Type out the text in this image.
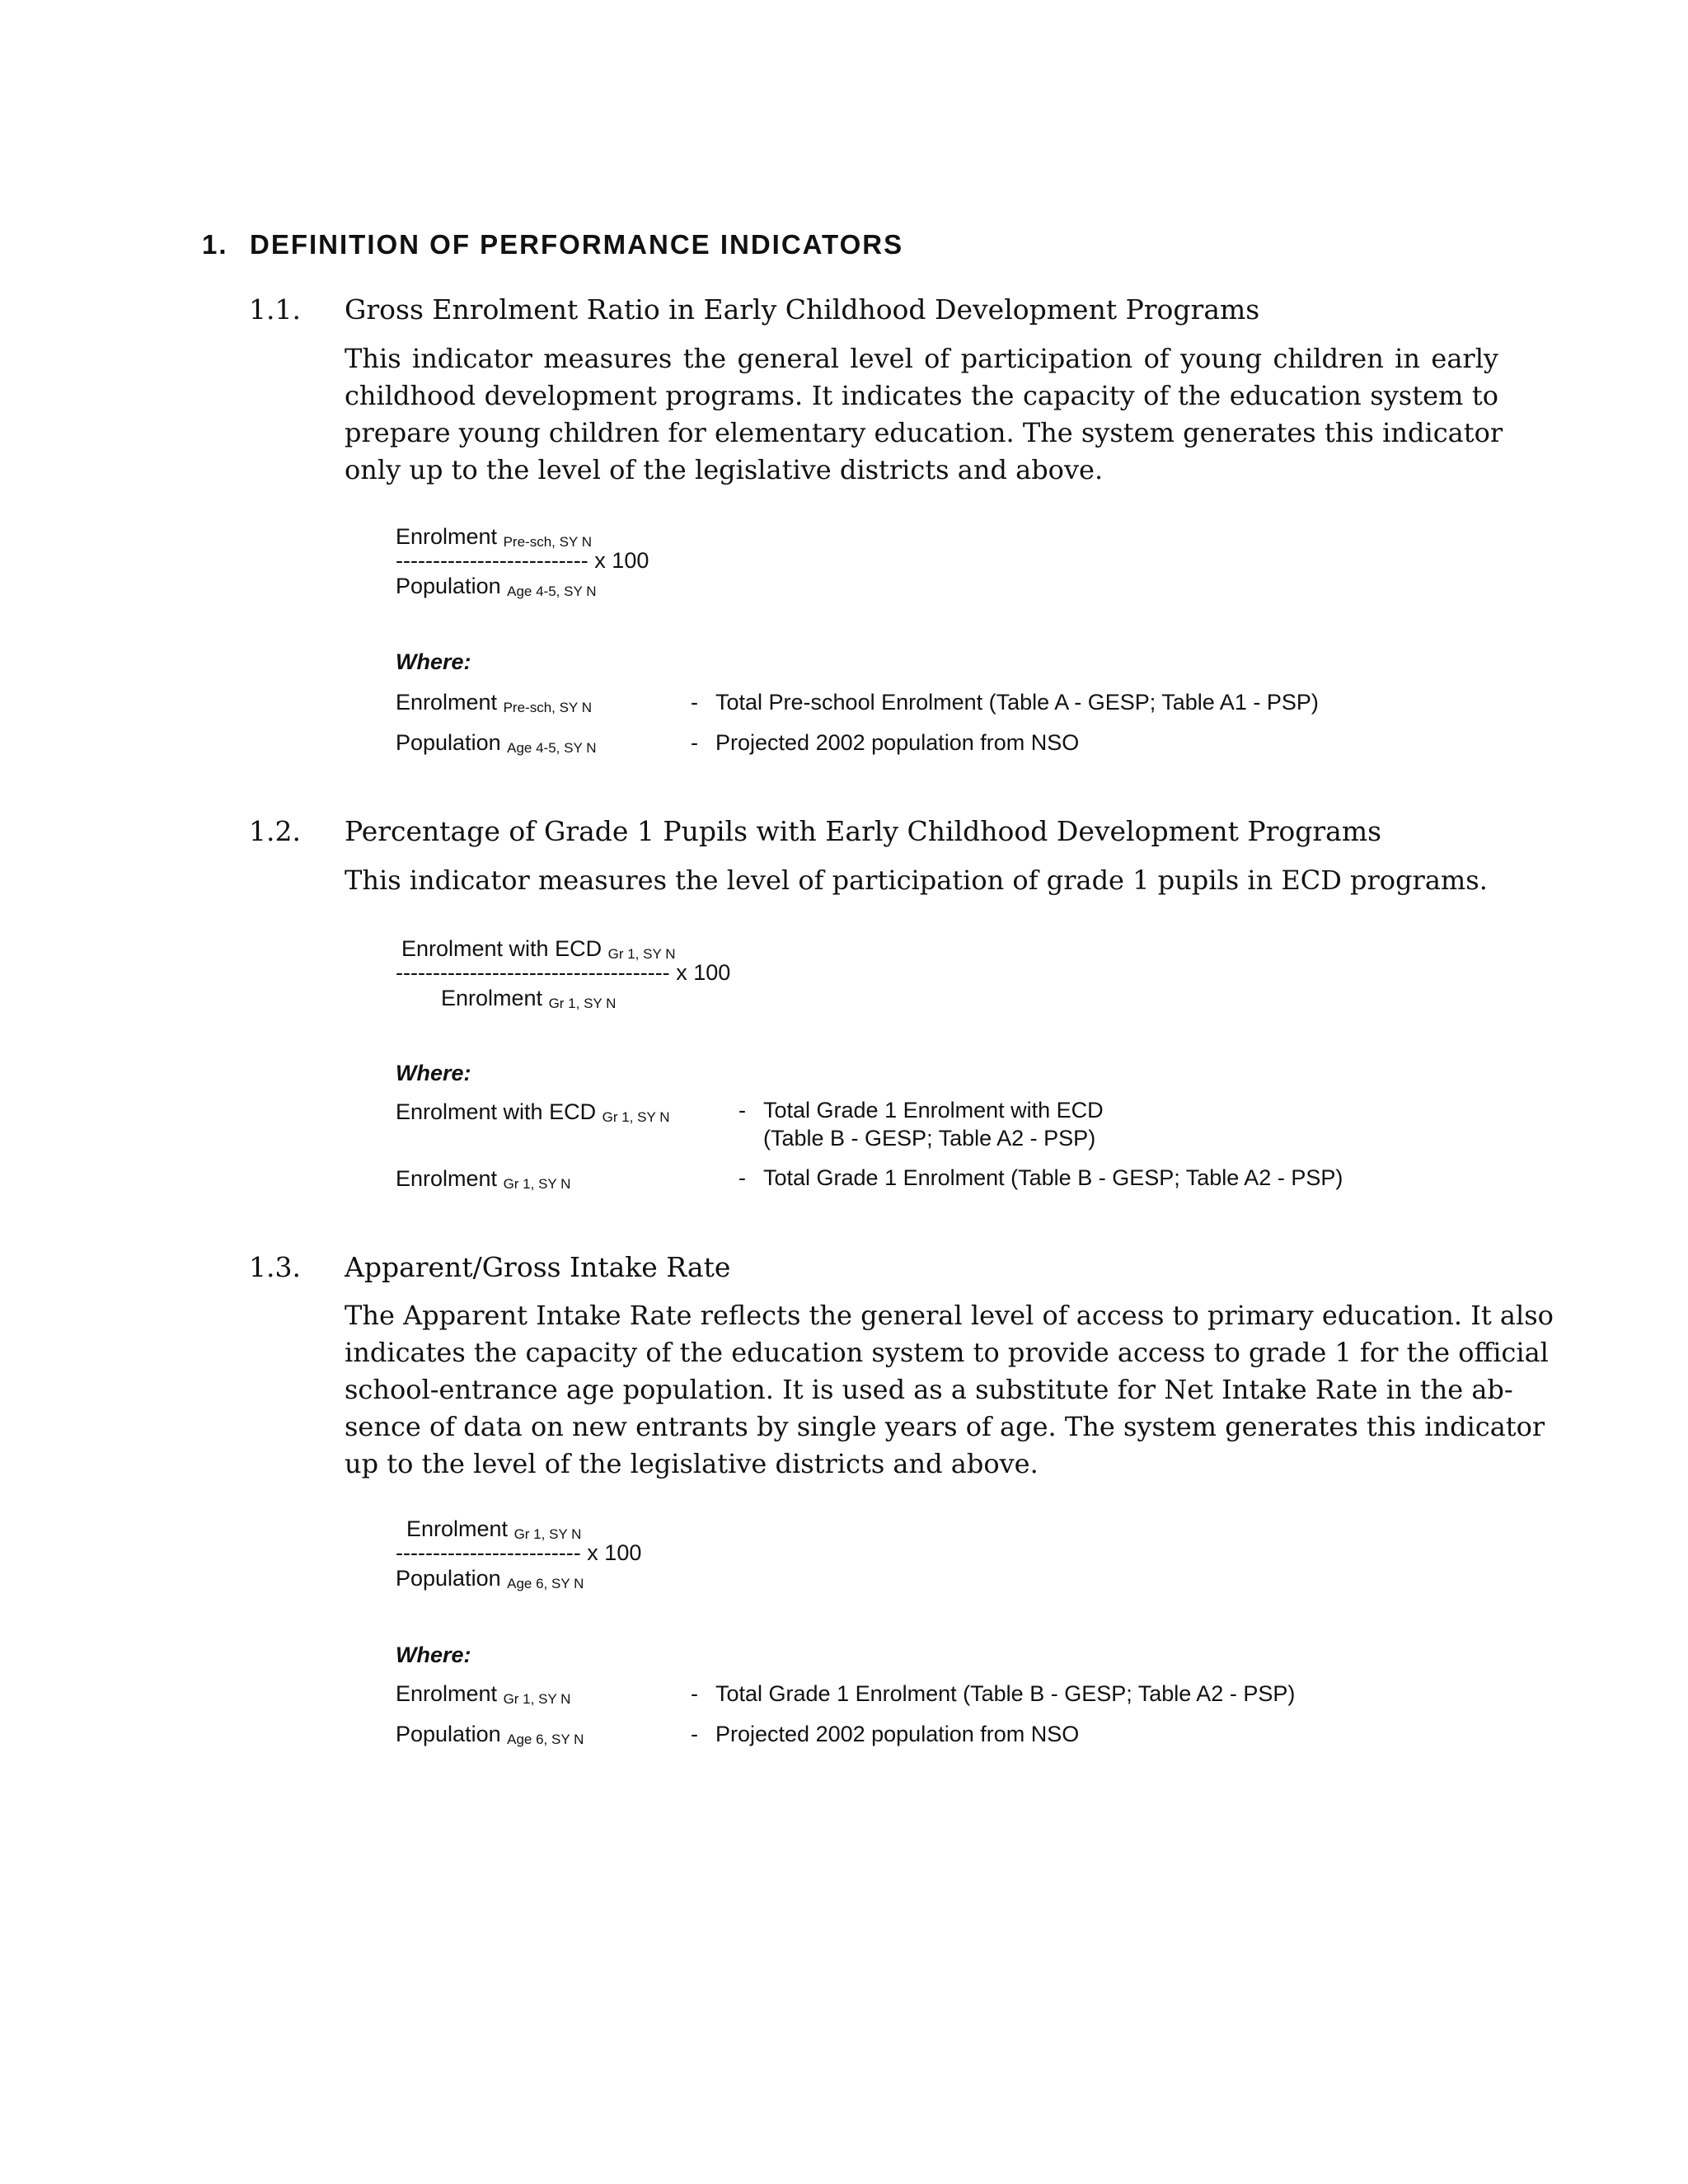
1. DEFINITION OF PERFORMANCE INDICATORS
1.1. Gross Enrolment Ratio in Early Childhood Development Programs
This indicator measures the general level of participation of young children in early
childhood development programs. It indicates the capacity of the education system to
prepare young children for elementary education. The system generates this indicator
only up to the level of the legislative districts and above.
Enrolment Pre-sch, SY N
-------------------------- x 100
Population Age 4-5, SY N
Where:
Enrolment Pre-sch, SY N	- Total Pre-school Enrolment (Table A - GESP; Table A1 - PSP)
Population Age 4-5, SY N	- Projected 2002 population from NSO
1.2. Percentage of Grade 1 Pupils with Early Childhood Development Programs
This indicator measures the level of participation of grade 1 pupils in ECD programs.
Enrolment with ECD Gr 1, SY N
------------------------------------- x 100
Enrolment Gr 1, SY N
Where:
Enrolment with ECD Gr 1, SY N	- Total Grade 1 Enrolment with ECD
(Table B - GESP; Table A2 - PSP)
Enrolment Gr 1, SY N	- Total Grade 1 Enrolment (Table B - GESP; Table A2 - PSP)
1.3. Apparent/Gross Intake Rate
The Apparent Intake Rate reflects the general level of access to primary education. It also
indicates the capacity of the education system to provide access to grade 1 for the official
school-entrance age population. It is used as a substitute for Net Intake Rate in the ab-
sence of data on new entrants by single years of age. The system generates this indicator
up to the level of the legislative districts and above.
Enrolment Gr 1, SY N
------------------------- x 100
Population Age 6, SY N
Where:
Enrolment Gr 1, SY N	- Total Grade 1 Enrolment (Table B - GESP; Table A2 - PSP)
Population Age 6, SY N	- Projected 2002 population from NSO
